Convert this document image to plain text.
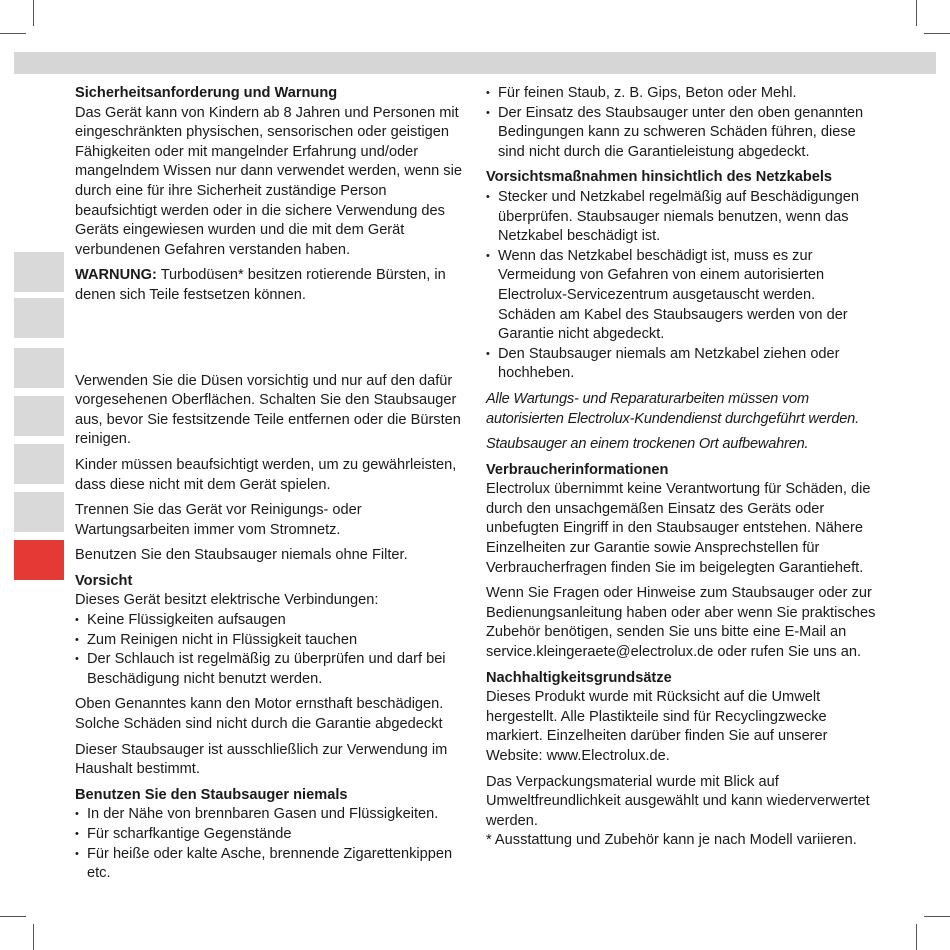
Sicherheitsanforderung und Warnung

Das Gerät kann von Kindern ab 8 Jahren und Personen mit eingeschränkten physischen, sensorischen oder geistigen Fähigkeiten oder mit mangelnder Erfahrung und/oder mangelndem Wissen nur dann verwendet werden, wenn sie durch eine für ihre Sicherheit zuständige Person beaufsichtigt werden oder in die sichere Verwendung des Geräts eingewiesen wurden und die mit dem Gerät verbundenen Gefahren verstanden haben.

WARNUNG: Turbodüsen* besitzen rotierende Bürsten, in denen sich Teile festsetzen können.

Verwenden Sie die Düsen vorsichtig und nur auf den dafür vorgesehenen Oberflächen. Schalten Sie den Staubsauger aus, bevor Sie festsitzende Teile entfernen oder die Bürsten reinigen.

Kinder müssen beaufsichtigt werden, um zu gewährleisten, dass diese nicht mit dem Gerät spielen.

Trennen Sie das Gerät vor Reinigungs- oder Wartungsarbeiten immer vom Stromnetz.

Benutzen Sie den Staubsauger niemals ohne Filter.

Vorsicht
Dieses Gerät besitzt elektrische Verbindungen:
• Keine Flüssigkeiten aufsaugen
• Zum Reinigen nicht in Flüssigkeit tauchen
• Der Schlauch ist regelmäßig zu überprüfen und darf bei Beschädigung nicht benutzt werden.

Oben Genanntes kann den Motor ernsthaft beschädigen. Solche Schäden sind nicht durch die Garantie abgedeckt

Dieser Staubsauger ist ausschließlich zur Verwendung im Haushalt bestimmt.

Benutzen Sie den Staubsauger niemals
• In der Nähe von brennbaren Gasen und Flüssigkeiten.
• Für scharfkantige Gegenstände
• Für heiße oder kalte Asche, brennende Zigarettenkippen etc.
• Für feinen Staub, z. B. Gips, Beton oder Mehl.
• Der Einsatz des Staubsauger unter den oben genannten Bedingungen kann zu schweren Schäden führen, diese sind nicht durch die Garantieleistung abgedeckt.
Vorsichtsmaßnahmen hinsichtlich des Netzkabels
• Stecker und Netzkabel regelmäßig auf Beschädigungen überprüfen. Staubsauger niemals benutzen, wenn das Netzkabel beschädigt ist.
• Wenn das Netzkabel beschädigt ist, muss es zur Vermeidung von Gefahren von einem autorisierten Electrolux-Servicezentrum ausgetauscht werden. Schäden am Kabel des Staubsaugers werden von der Garantie nicht abgedeckt.
• Den Staubsauger niemals am Netzkabel ziehen oder hochheben.

Alle Wartungs- und Reparaturarbeiten müssen vom autorisierten Electrolux-Kundendienst durchgeführt werden.

Staubsauger an einem trockenen Ort aufbewahren.

Verbraucherinformationen

Electrolux übernimmt keine Verantwortung für Schäden, die durch den unsachgemäßen Einsatz des Geräts oder unbefugten Eingriff in den Staubsauger entstehen. Nähere Einzelheiten zur Garantie sowie Ansprechstellen für Verbraucherfragen finden Sie im beigelegten Garantieheft.

Wenn Sie Fragen oder Hinweise zum Staubsauger oder zur Bedienungsanleitung haben oder aber wenn Sie praktisches Zubehör benötigen, senden Sie uns bitte eine E-Mail an service.kleingeraete@electrolux.de oder rufen Sie uns an.

Nachhaltigkeitsgrundsätze

Dieses Produkt wurde mit Rücksicht auf die Umwelt hergestellt. Alle Plastikteile sind für Recyclingzwecke markiert. Einzelheiten darüber finden Sie auf unserer Website: www.Electrolux.de.

Das Verpackungsmaterial wurde mit Blick auf Umweltfreundlichkeit ausgewählt und kann wiederverwertet werden.
* Ausstattung und Zubehör kann je nach Modell variieren.
